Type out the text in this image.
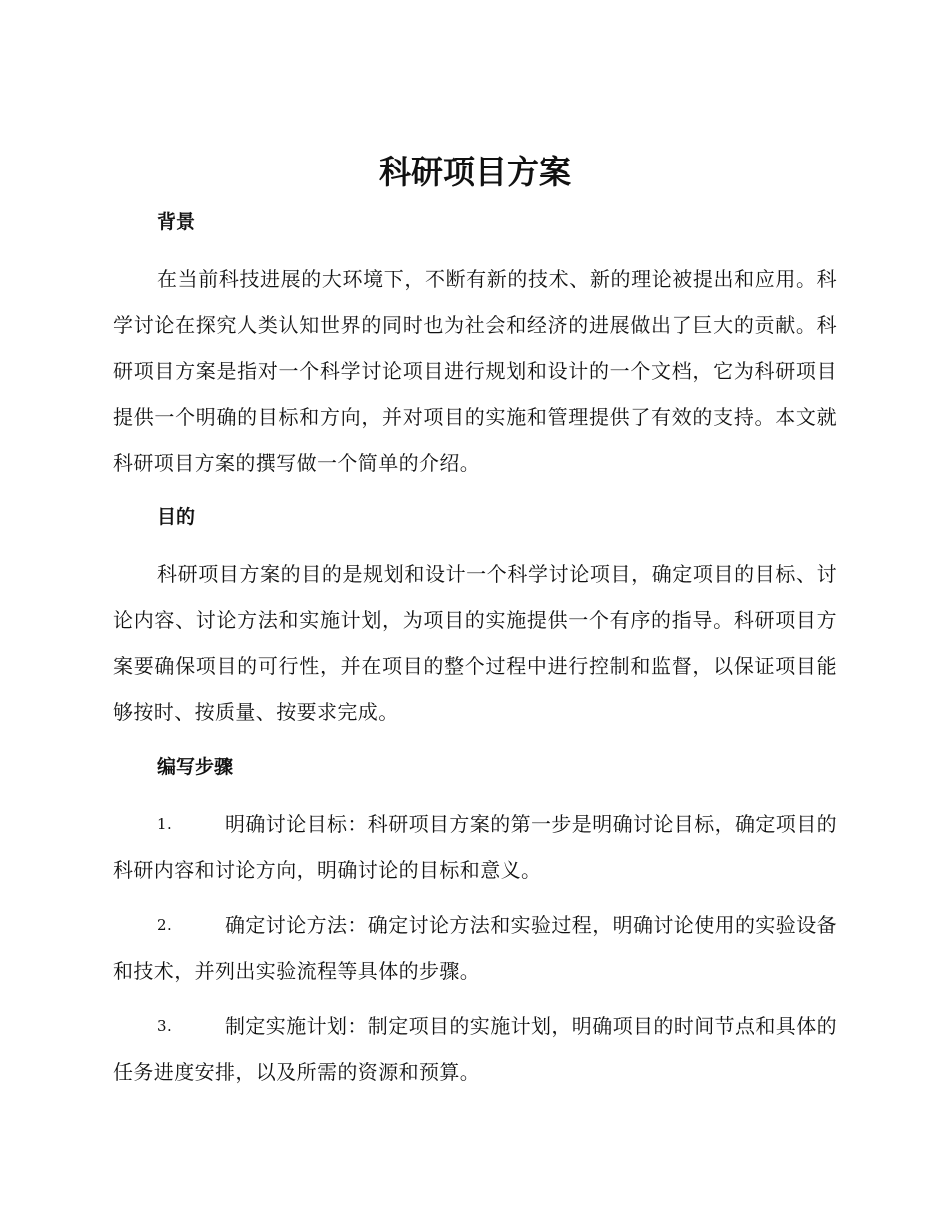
科研项目方案
背景

在当前科技进展的大环境下，不断有新的技术、新的理论被提出和应用。科学讨论在探究人类认知世界的同时也为社会和经济的进展做出了巨大的贡献。科研项目方案是指对一个科学讨论项目进行规划和设计的一个文档，它为科研项目提供一个明确的目标和方向，并对项目的实施和管理提供了有效的支持。本文就科研项目方案的撰写做一个简单的介绍。

目的

科研项目方案的目的是规划和设计一个科学讨论项目，确定项目的目标、讨论内容、讨论方法和实施计划，为项目的实施提供一个有序的指导。科研项目方案要确保项目的可行性，并在项目的整个过程中进行控制和监督，以保证项目能够按时、按质量、按要求完成。

编写步骤

1.	明确讨论目标：科研项目方案的第一步是明确讨论目标，确定项目的科研内容和讨论方向，明确讨论的目标和意义。

2.	确定讨论方法：确定讨论方法和实验过程，明确讨论使用的实验设备和技术，并列出实验流程等具体的步骤。

3.	制定实施计划：制定项目的实施计划，明确项目的时间节点和具体的任务进度安排，以及所需的资源和预算。
